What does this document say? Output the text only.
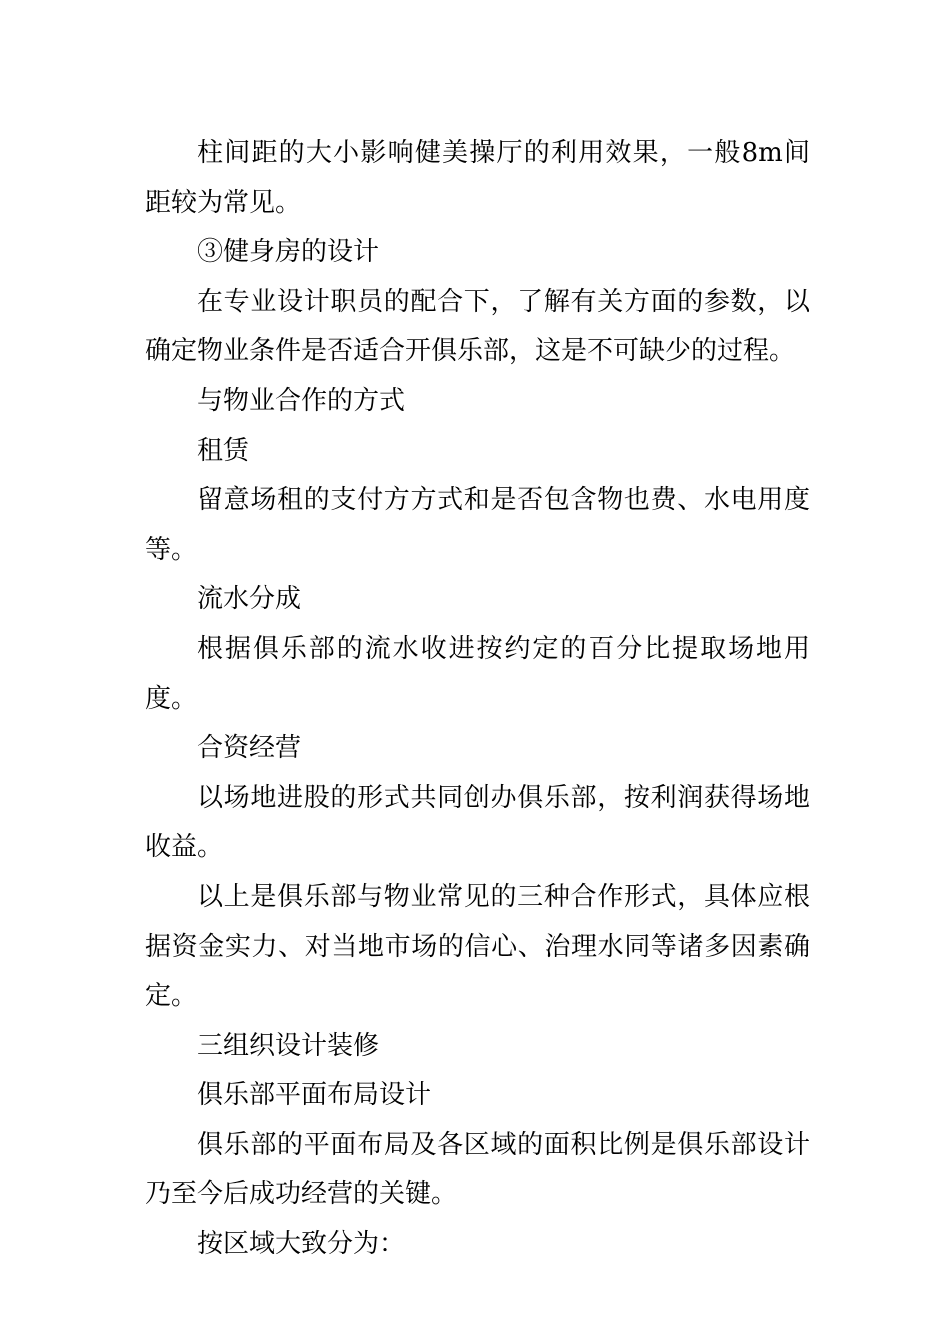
柱间距的大小影响健美操厅的利用效果，一般8m间距较为常见。

③健身房的设计

在专业设计职员的配合下，了解有关方面的参数，以确定物业条件是否适合开俱乐部，这是不可缺少的过程。

与物业合作的方式

租赁

留意场租的支付方方式和是否包含物也费、水电用度等。

流水分成

根据俱乐部的流水收进按约定的百分比提取场地用度。

合资经营

以场地进股的形式共同创办俱乐部，按利润获得场地收益。

以上是俱乐部与物业常见的三种合作形式，具体应根据资金实力、对当地市场的信心、治理水同等诸多因素确定。

三组织设计装修

俱乐部平面布局设计

俱乐部的平面布局及各区域的面积比例是俱乐部设计乃至今后成功经营的关键。

按区域大致分为：
